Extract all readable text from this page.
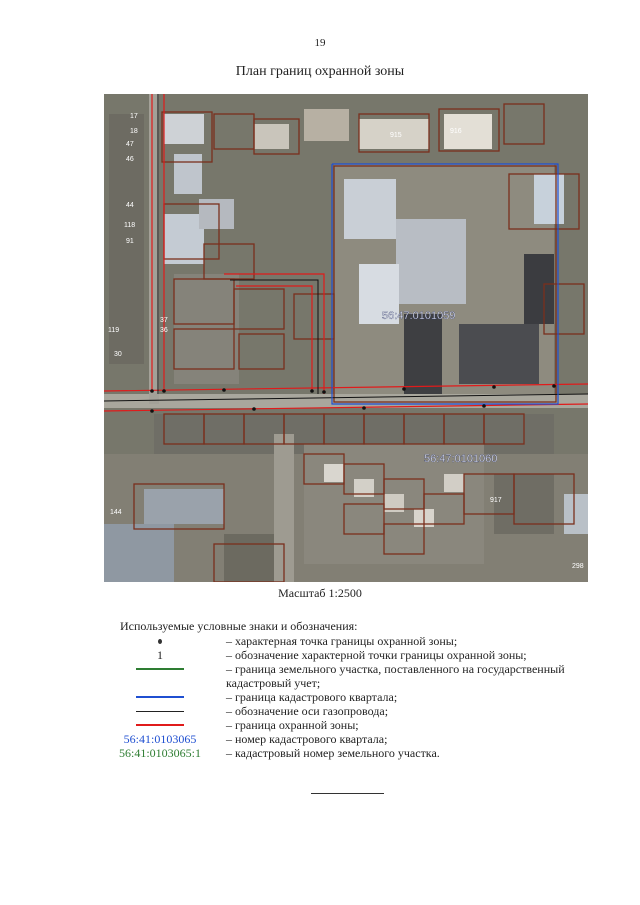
19
План границ охранной зоны
56:47:0101059
56:47:0101060
17
18
47
46
44
118
91
119
30
144
915
916
917
298
37
36
Масштаб 1:2500
Используемые условные знаки и обозначения:
– характерная точка границы охранной зоны;
1	– обозначение характерной точки границы охранной зоны;
– граница земельного участка, поставленного на государственный кадастровый учет;
– граница кадастрового квартала;
– обозначение оси газопровода;
– граница охранной зоны;
56:41:0103065	– номер кадастрового квартала;
56:41:0103065:1	– кадастровый номер земельного участка.
